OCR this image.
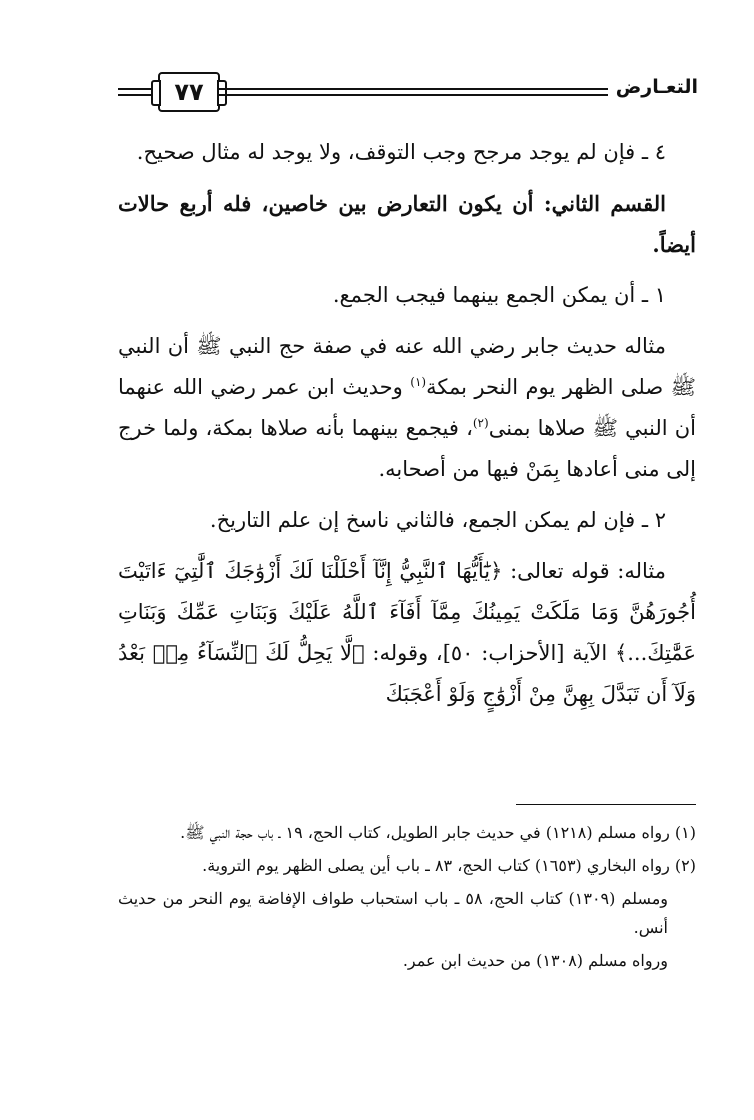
٧٧	التعـارض

٤ ـ فإن لم يوجد مرجح وجب التوقف، ولا يوجد له مثال صحيح.

القسم الثاني: أن يكون التعارض بين خاصين، فله أربع حالات أيضاً.

١ ـ أن يمكن الجمع بينهما فيجب الجمع.

مثاله حديث جابر رضي الله عنه في صفة حج النبي ﷺ أن النبي ﷺ صلى الظهر يوم النحر بمكة$^{(١)}$ وحديث ابن عمر رضي الله عنهما أن النبي ﷺ صلاها بمنى$^{(٢)}$، فيجمع بينهما بأنه صلاها بمكة، ولما خرج إلى منى أعادها بِمَنْ فيها من أصحابه.

٢ ـ فإن لم يمكن الجمع، فالثاني ناسخ إن علم التاريخ.

مثاله: قوله تعالى: ﴿يَٰٓأَيُّهَا ٱلنَّبِيُّ إِنَّآ أَحْلَلْنَا لَكَ أَزْوَٰجَكَ ٱلَّٰتِيٓ ءَاتَيْتَ أُجُورَهُنَّ وَمَا مَلَكَتْ يَمِينُكَ مِمَّآ أَفَآءَ ٱللَّهُ عَلَيْكَ وَبَنَاتِ عَمِّكَ وَبَنَاتِ عَمَّٰتِكَ...﴾ الآية [الأحزاب: ٥٠]، وقوله: ﴿لَّا يَحِلُّ لَكَ ٱلنِّسَآءُ مِنۢ بَعْدُ وَلَآ أَن تَبَدَّلَ بِهِنَّ مِنْ أَزْوَٰجٍ وَلَوْ أَعْجَبَكَ

(١) رواه مسلم (١٢١٨) في حديث جابر الطويل، كتاب الحج، ١٩ ـ باب حجة النبي ﷺ.

(٢) رواه البخاري (١٦٥٣) كتاب الحج، ٨٣ ـ باب أين يصلى الظهر يوم التروية.

ومسلم (١٣٠٩) كتاب الحج، ٥٨ ـ باب استحباب طواف الإفاضة يوم النحر من حديث أنس.

ورواه مسلم (١٣٠٨) من حديث ابن عمر.
